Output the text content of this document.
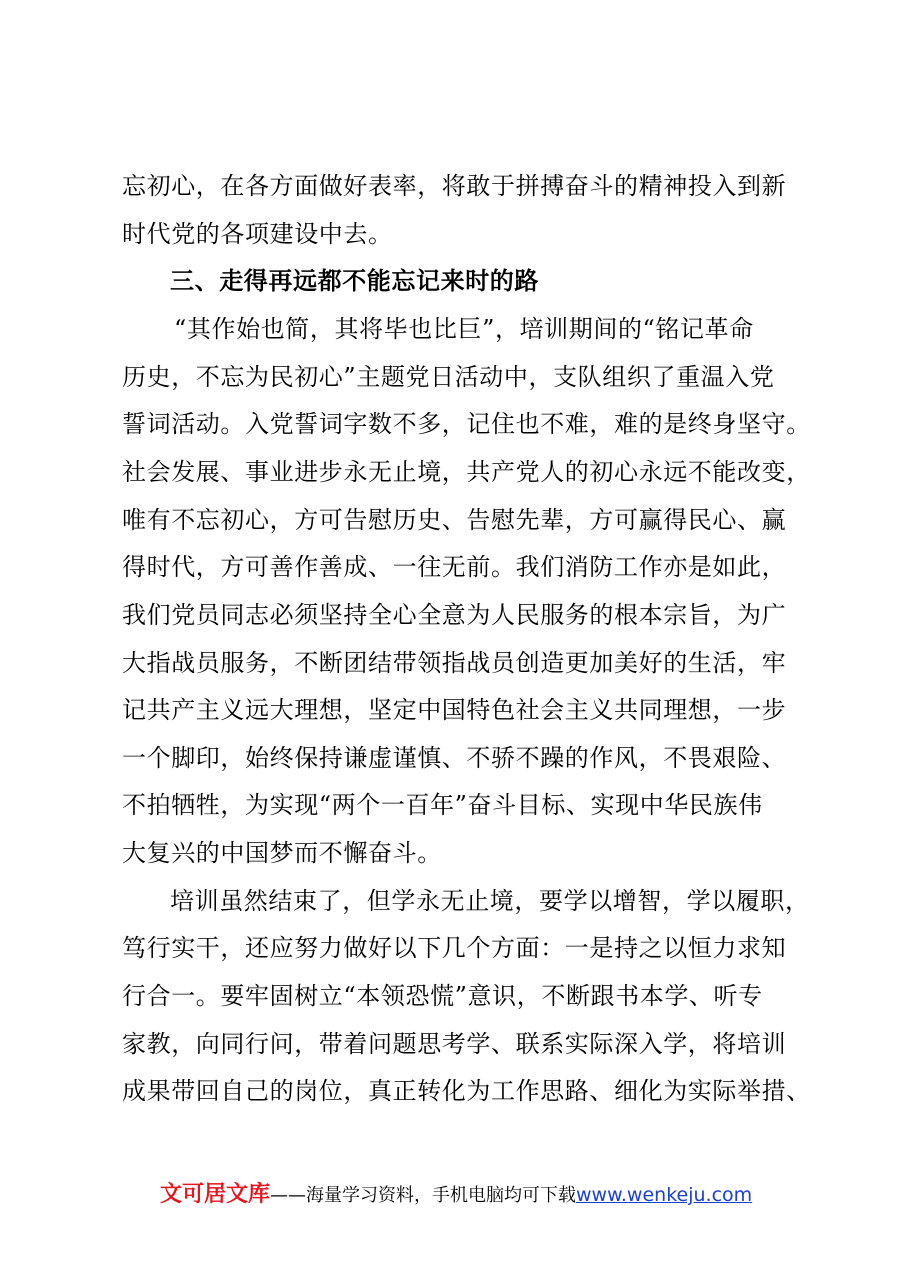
忘初心，在各方面做好表率，将敢于拼搏奋斗的精神投入到新
时代党的各项建设中去。
三、走得再远都不能忘记来时的路
“其作始也简，其将毕也比巨”，培训期间的“铭记革命
历史，不忘为民初心”主题党日活动中，支队组织了重温入党
誓词活动。入党誓词字数不多，记住也不难，难的是终身坚守。
社会发展、事业进步永无止境，共产党人的初心永远不能改变，
唯有不忘初心，方可告慰历史、告慰先辈，方可赢得民心、赢
得时代，方可善作善成、一往无前。我们消防工作亦是如此，
我们党员同志必须坚持全心全意为人民服务的根本宗旨，为广
大指战员服务，不断团结带领指战员创造更加美好的生活，牢
记共产主义远大理想，坚定中国特色社会主义共同理想，一步
一个脚印，始终保持谦虚谨慎、不骄不躁的作风，不畏艰险、
不拍牺牲，为实现“两个一百年”奋斗目标、实现中华民族伟
大复兴的中国梦而不懈奋斗。
培训虽然结束了，但学永无止境，要学以增智，学以履职，
笃行实干，还应努力做好以下几个方面：一是持之以恒力求知
行合一。要牢固树立“本领恐慌”意识，不断跟书本学、听专
家教，向同行问，带着问题思考学、联系实际深入学，将培训
成果带回自己的岗位，真正转化为工作思路、细化为实际举措、
文可居文库——海量学习资料，手机电脑均可下载www.wenkeju.com
